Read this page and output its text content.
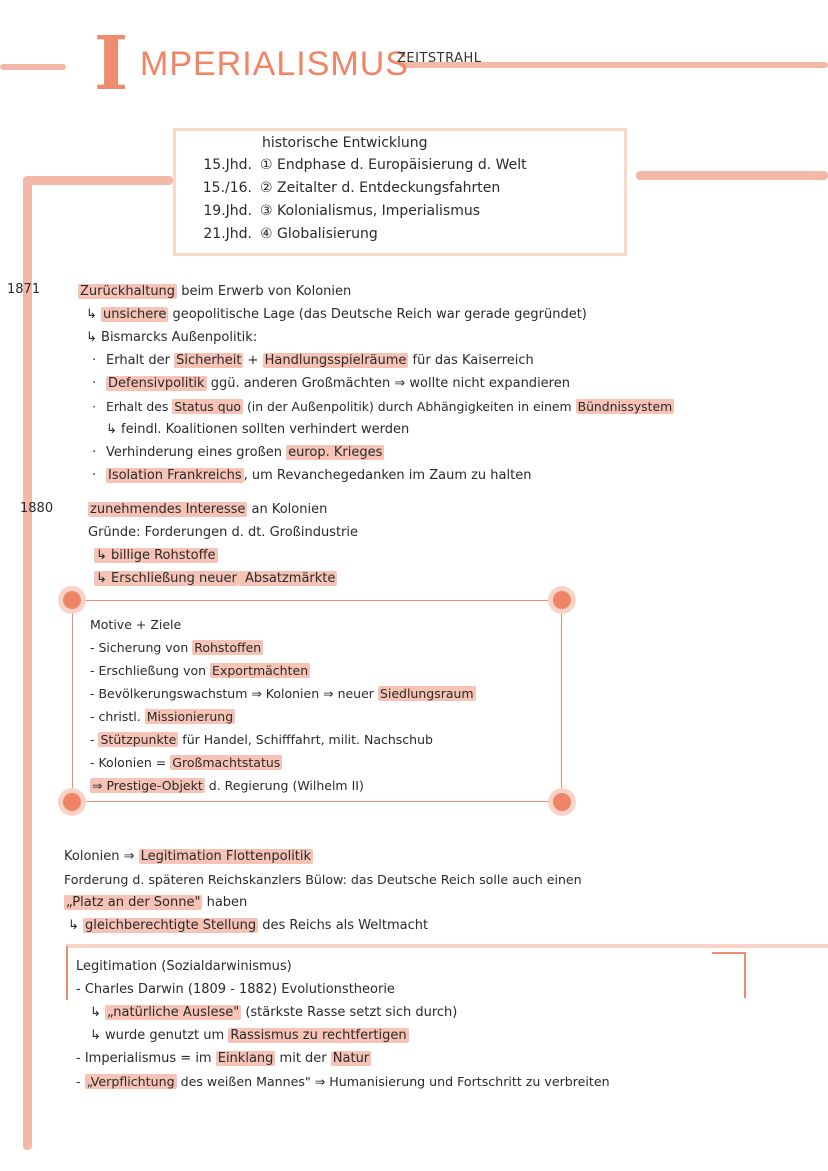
I MPERIALISMUS
ZEITSTRAHL
historische Entwicklung
15.Jhd. ① Endphase d. Europäisierung d. Welt
15./16. ② Zeitalter d. Entdeckungsfahrten
19.Jhd. ③ Kolonialismus, Imperialismus
21.Jhd. ④ Globalisierung
1871	Zurückhaltung beim Erwerb von Kolonien
↳ unsichere geopolitische Lage (das Deutsche Reich war gerade gegründet)
↳ Bismarcks Außenpolitik:
· Erhalt der Sicherheit + Handlungsspielräume für das Kaiserreich
· Defensivpolitik ggü. anderen Großmächten ⇒ wollte nicht expandieren
· Erhalt des Status quo (in der Außenpolitik) durch Abhängigkeiten in einem Bündnissystem
↳ feindl. Koalitionen sollten verhindert werden
· Verhinderung eines großen europ. Krieges
· Isolation Frankreichs , um Revanchegedanken im Zaum zu halten
1880	zunehmendes Interesse an Kolonien
Gründe: Forderungen d. dt. Großindustrie
↳ billige Rohstoffe
↳ Erschließung neuer Absatzmärkte
Motive + Ziele
- Sicherung von Rohstoffen
- Erschließung von Exportmächten
- Bevölkerungswachstum ⇒ Kolonien ⇒ neuer Siedlungsraum
- christl. Missionierung
- Stützpunkte für Handel, Schifffahrt, milit. Nachschub
- Kolonien = Großmachtstatus
⇒ Prestige-Objekt d. Regierung (Wilhelm II)
Kolonien ⇒ Legitimation Flottenpolitik
Forderung d. späteren Reichskanzlers Bülow: das Deutsche Reich solle auch einen
„Platz an der Sonne" haben
↳ gleichberechtigte Stellung des Reichs als Weltmacht
Legitimation (Sozialdarwinismus)
- Charles Darwin (1809 - 1882) Evolutionstheorie
↳ „natürliche Auslese" (stärkste Rasse setzt sich durch)
↳ wurde genutzt um Rassismus zu rechtfertigen
- Imperialismus = im Einklang mit der Natur
- „Verpflichtung des weißen Mannes" ⇒ Humanisierung und Fortschritt zu verbreiten
